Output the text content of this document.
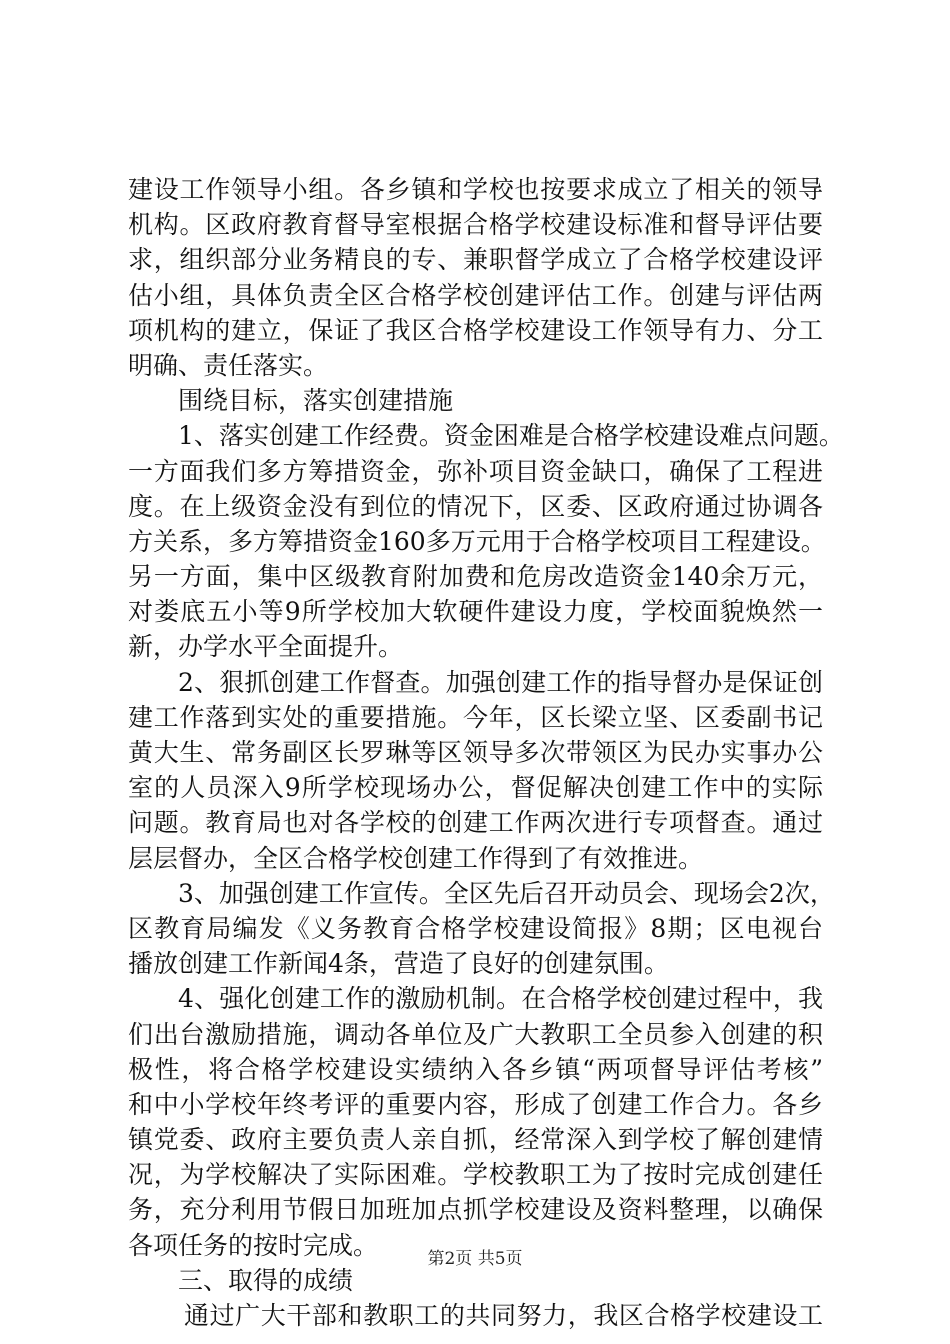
建设工作领导小组。各乡镇和学校也按要求成立了相关的领导
机构。区政府教育督导室根据合格学校建设标准和督导评估要
求，组织部分业务精良的专、兼职督学成立了合格学校建设评
估小组，具体负责全区合格学校创建评估工作。创建与评估两
项机构的建立，保证了我区合格学校建设工作领导有力、分工
明确、责任落实。
围绕目标，落实创建措施
1、落实创建工作经费。资金困难是合格学校建设难点问题。
一方面我们多方筹措资金，弥补项目资金缺口，确保了工程进
度。在上级资金没有到位的情况下，区委、区政府通过协调各
方关系，多方筹措资金160多万元用于合格学校项目工程建设。
另一方面，集中区级教育附加费和危房改造资金140余万元，
对娄底五小等9所学校加大软硬件建设力度，学校面貌焕然一
新，办学水平全面提升。
2、狠抓创建工作督查。加强创建工作的指导督办是保证创
建工作落到实处的重要措施。今年，区长梁立坚、区委副书记
黄大生、常务副区长罗琳等区领导多次带领区为民办实事办公
室的人员深入9所学校现场办公，督促解决创建工作中的实际
问题。教育局也对各学校的创建工作两次进行专项督查。通过
层层督办，全区合格学校创建工作得到了有效推进。
3、加强创建工作宣传。全区先后召开动员会、现场会2次，
区教育局编发《义务教育合格学校建设简报》8期；区电视台
播放创建工作新闻4条，营造了良好的创建氛围。
4、强化创建工作的激励机制。在合格学校创建过程中，我
们出台激励措施，调动各单位及广大教职工全员参入创建的积
极性，将合格学校建设实绩纳入各乡镇“两项督导评估考核”
和中小学校年终考评的重要内容，形成了创建工作合力。各乡
镇党委、政府主要负责人亲自抓，经常深入到学校了解创建情
况，为学校解决了实际困难。学校教职工为了按时完成创建任
务，充分利用节假日加班加点抓学校建设及资料整理，以确保
各项任务的按时完成。
三、取得的成绩
通过广大干部和教职工的共同努力，我区合格学校建设工
第2页 共5页
